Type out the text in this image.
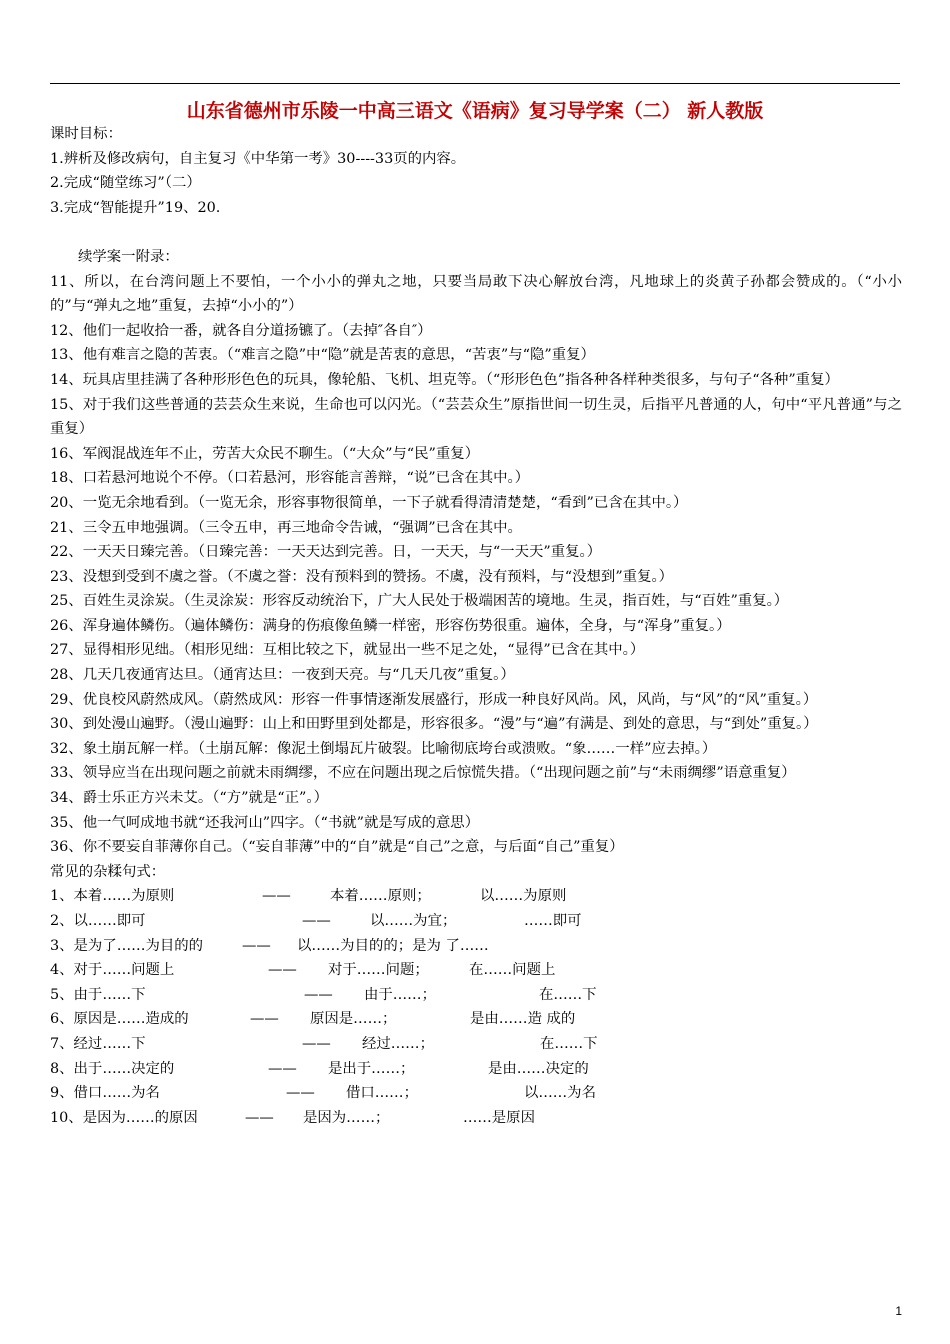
山东省德州市乐陵一中高三语文《语病》复习导学案（二） 新人教版
课时目标：
1.辨析及修改病句，自主复习《中华第一考》30----33页的内容。
2.完成“随堂练习”（二）
3.完成“智能提升”19、20.
续学案一附录：
11、所以，在台湾问题上不要怕，一个小小的弹丸之地，只要当局敢下决心解放台湾，凡地球上的炎黄子孙都会赞成的。（“小小的”与“弹丸之地”重复，去掉“小小的”）
12、他们一起收拾一番，就各自分道扬镳了。（去掉″各自″）
13、他有难言之隐的苦衷。（“难言之隐”中“隐”就是苦衷的意思，“苦衷”与“隐”重复）
14、玩具店里挂满了各种形形色色的玩具，像轮船、飞机、坦克等。（“形形色色”指各种各样种类很多，与句子“各种”重复）
15、对于我们这些普通的芸芸众生来说，生命也可以闪光。（“芸芸众生”原指世间一切生灵，后指平凡普通的人，句中“平凡普通”与之重复）
16、军阀混战连年不止，劳苦大众民不聊生。（“大众”与“民”重复）
18、口若悬河地说个不停。（口若悬河，形容能言善辩，“说”已含在其中。）
20、一览无余地看到。（一览无余，形容事物很简单，一下子就看得清清楚楚，“看到”已含在其中。）
21、三令五申地强调。（三令五申，再三地命令告诫，“强调”已含在其中。
22、一天天日臻完善。（日臻完善：一天天达到完善。日，一天天，与“一天天”重复。）
23、没想到受到不虞之誉。（不虞之誉：没有预料到的赞扬。不虞，没有预料，与“没想到”重复。）
25、百姓生灵涂炭。（生灵涂炭：形容反动统治下，广大人民处于极端困苦的境地。生灵，指百姓，与“百姓”重复。）
26、浑身遍体鳞伤。（遍体鳞伤：满身的伤痕像鱼鳞一样密，形容伤势很重。遍体，全身，与“浑身”重复。）
27、显得相形见绌。（相形见绌：互相比较之下，就显出一些不足之处，“显得”已含在其中。）
28、几天几夜通宵达旦。（通宵达旦：一夜到天亮。与“几天几夜”重复。）
29、优良校风蔚然成风。（蔚然成风：形容一件事情逐渐发展盛行，形成一种良好风尚。风，风尚，与“风”的“风”重复。）
30、到处漫山遍野。（漫山遍野：山上和田野里到处都是，形容很多。“漫”与“遍”有满是、到处的意思，与“到处”重复。）
32、象土崩瓦解一样。（土崩瓦解：像泥土倒塌瓦片破裂。比喻彻底垮台或溃败。“象……一样”应去掉。）
33、领导应当在出现问题之前就未雨绸缪，不应在问题出现之后惊慌失措。（“出现问题之前”与“未雨绸缪”语意重复）
34、爵士乐正方兴未艾。（“方”就是“正”。）
35、他一气呵成地书就“还我河山”四字。（“书就”就是写成的意思）
36、你不要妄自菲薄你自己。（“妄自菲薄”中的“自”就是“自己”之意，与后面“自己”重复）
常见的杂糅句式：
1、本着……为原则	——	本着……原则；	以……为原则
2、以……即可	——	以……为宜；	……即可
3、是为了……为目的的	——	以……为目的的；是为 了……
4、对于……问题上	——	对于……问题；	在……问题上
5、由于……下	——	由于……；	在……下
6、原因是……造成的	——	原因是……；	是由……造 成的
7、经过……下	——	经过……；	在……下
8、出于……决定的	——	是出于……；	是由……决定的
9、借口……为名	——	借口……；	以……为名
10、是因为……的原因	——	是因为……；	……是原因
1
